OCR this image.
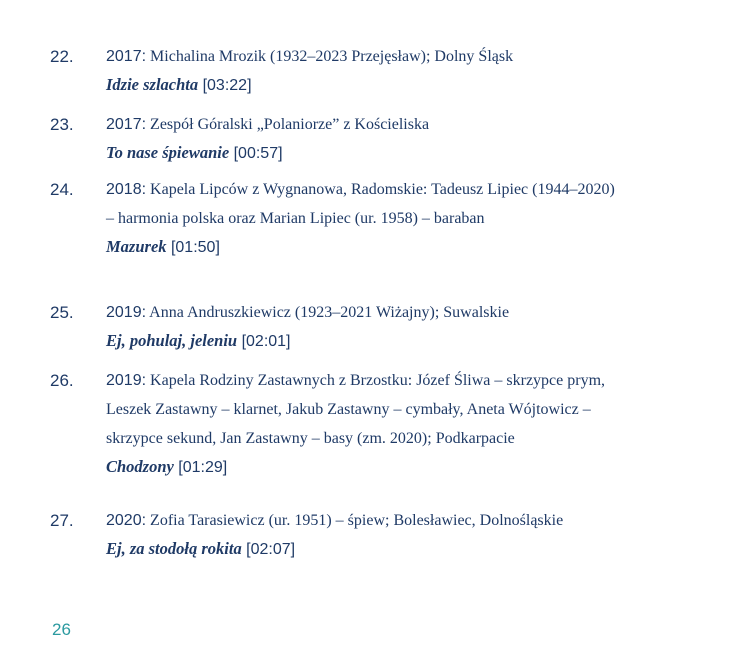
22. 2017: Michalina Mrozik (1932–2023 Przejęsław); Dolny Śląsk
Idzie szlachta [03:22]
23. 2017: Zespół Góralski „Polaniorze” z Kościeliska
To nase śpiewanie [00:57]
24. 2018: Kapela Lipców z Wygnanowa, Radomskie: Tadeusz Lipiec (1944–2020) – harmonia polska oraz Marian Lipiec (ur. 1958) – baraban
Mazurek [01:50]
25. 2019: Anna Andruszkiewicz (1923–2021 Wiżajny); Suwalskie
Ej, pohulaj, jeleniu [02:01]
26. 2019: Kapela Rodziny Zastawnych z Brzostku: Józef Śliwa – skrzypce prym, Leszek Zastawny – klarnet, Jakub Zastawny – cymbały, Aneta Wójtowicz – skrzypce sekund, Jan Zastawny – basy (zm. 2020); Podkarpacie
Chodzony [01:29]
27. 2020: Zofia Tarasiewicz (ur. 1951) – śpiew; Bolesławiec, Dolnośląskie
Ej, za stodołą rokita [02:07]
26
